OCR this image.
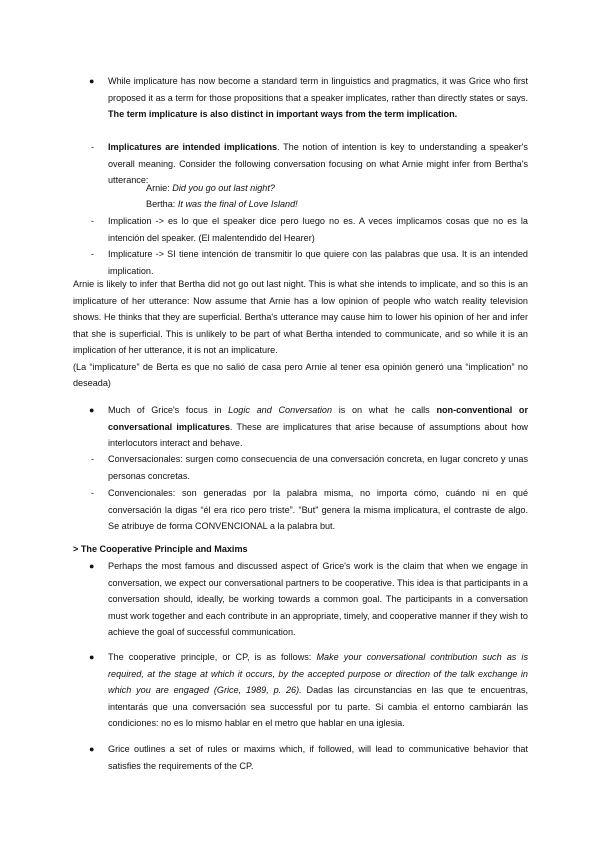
● While implicature has now become a standard term in linguistics and pragmatics, it was Grice who first proposed it as a term for those propositions that a speaker implicates, rather than directly states or says. The term implicature is also distinct in important ways from the term implication.

- Implicatures are intended implications. The notion of intention is key to understanding a speaker's overall meaning. Consider the following conversation focusing on what Arnie might infer from Bertha's utterance:

Arnie: Did you go out last night?
Bertha: It was the final of Love Island!
- Implication -> es lo que el speaker dice pero luego no es. A veces implicamos cosas que no es la intención del speaker. (El malentendido del Hearer)

- Implicature -> SI tiene intención de transmitir lo que quiere con las palabras que usa. It is an intended implication.

Arnie is likely to infer that Bertha did not go out last night. This is what she intends to implicate, and so this is an implicature of her utterance: Now assume that Arnie has a low opinion of people who watch reality television shows. He thinks that they are superficial. Bertha's utterance may cause him to lower his opinion of her and infer that she is superficial. This is unlikely to be part of what Bertha intended to communicate, and so while it is an implication of her utterance, it is not an implicature.

(La “implicature” de Berta es que no salió de casa pero Arnie al tener esa opinión generó una “implication” no deseada)

● Much of Grice's focus in Logic and Conversation is on what he calls non-conventional or conversational implicatures. These are implicatures that arise because of assumptions about how interlocutors interact and behave.

- Conversacionales: surgen como consecuencia de una conversación concreta, en lugar concreto y unas personas concretas.

- Convencionales: son generadas por la palabra misma, no importa cómo, cuándo ni en qué conversación la digas “él era rico pero triste”. “But” genera la misma implicatura, el contraste de algo. Se atribuye de forma CONVENCIONAL a la palabra but.

> The Cooperative Principle and Maxims
● Perhaps the most famous and discussed aspect of Grice's work is the claim that when we engage in conversation, we expect our conversational partners to be cooperative. This idea is that participants in a conversation should, ideally, be working towards a common goal. The participants in a conversation must work together and each contribute in an appropriate, timely, and cooperative manner if they wish to achieve the goal of successful communication.

● The cooperative principle, or CP, is as follows: Make your conversational contribution such as is required, at the stage at which it occurs, by the accepted purpose or direction of the talk exchange in which you are engaged (Grice, 1989, p. 26). Dadas las circunstancias en las que te encuentras, intentarás que una conversación sea successful por tu parte. Si cambia el entorno cambiarán las condiciones: no es lo mismo hablar en el metro que hablar en una iglesia.

● Grice outlines a set of rules or maxims which, if followed, will lead to communicative behavior that satisfies the requirements of the CP.
